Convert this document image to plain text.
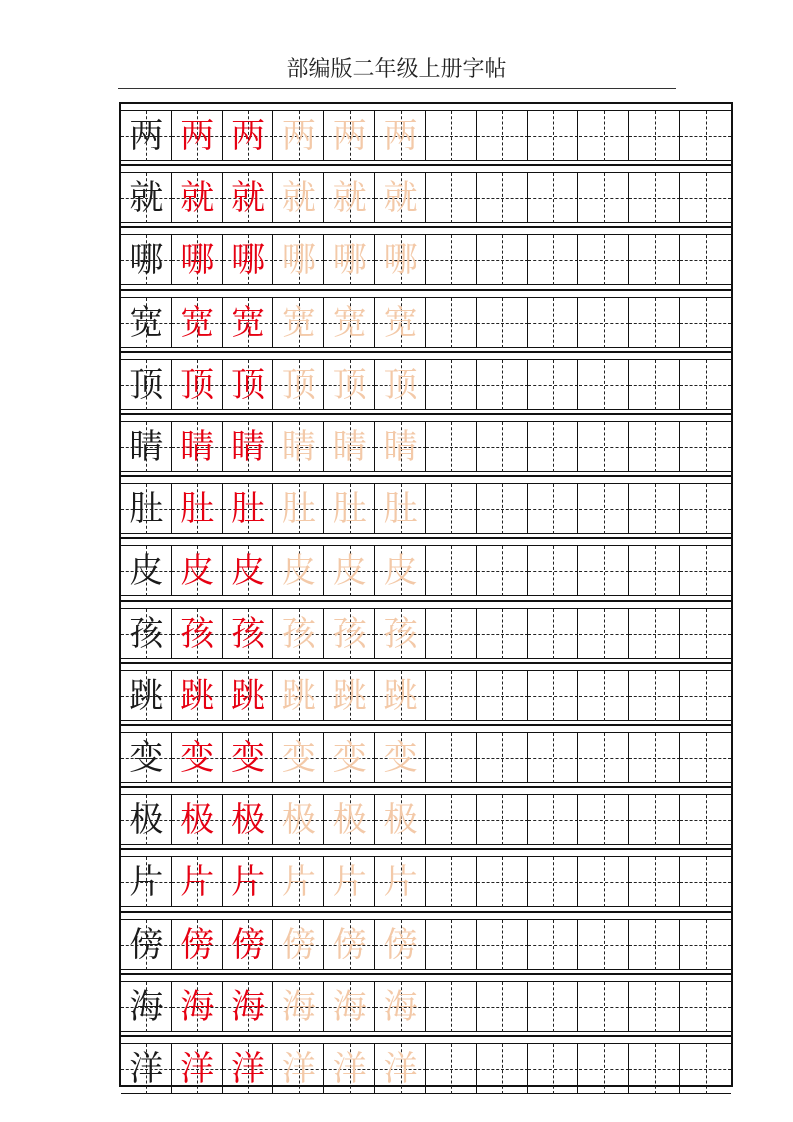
部编版二年级上册字帖
两 两 两 两 两 两
就 就 就 就 就 就
哪 哪 哪 哪 哪 哪
宽 宽 宽 宽 宽 宽
顶 顶 顶 顶 顶 顶
睛 睛 睛 睛 睛 睛
肚 肚 肚 肚 肚 肚
皮 皮 皮 皮 皮 皮
孩 孩 孩 孩 孩 孩
跳 跳 跳 跳 跳 跳
变 变 变 变 变 变
极 极 极 极 极 极
片 片 片 片 片 片
傍 傍 傍 傍 傍 傍
海 海 海 海 海 海
洋 洋 洋 洋 洋 洋
